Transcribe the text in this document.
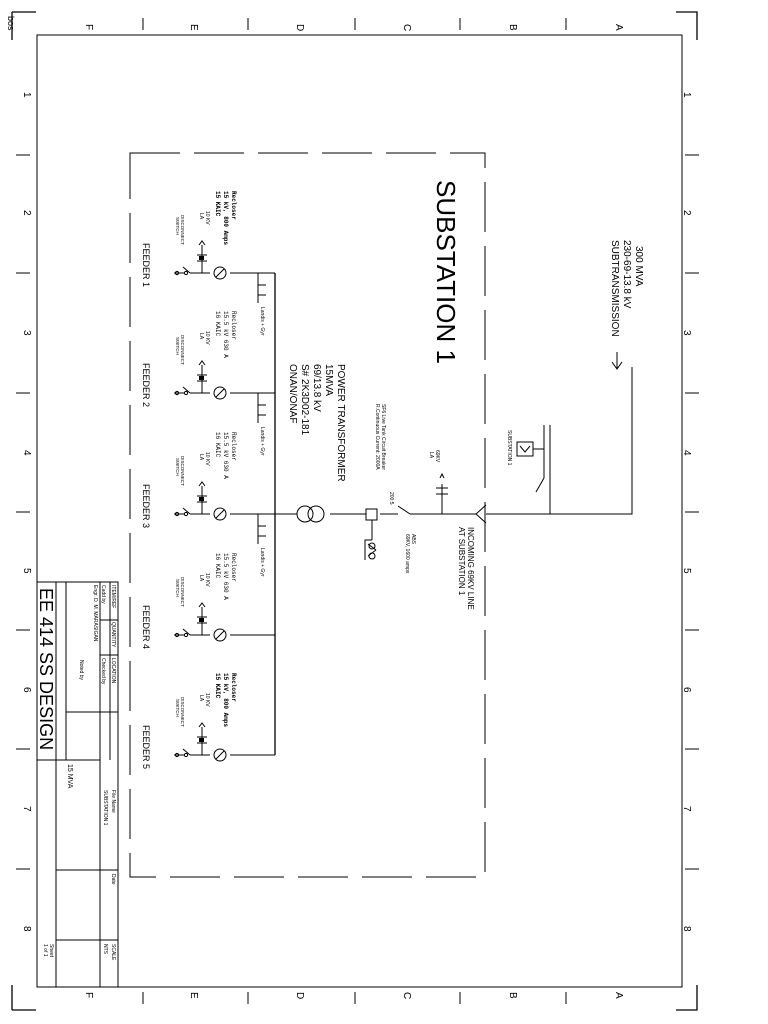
F	E	D	C	B	A
F	E	D	C	B	A
1
2
3
4
5
6
7
8
1
2
3
4
5
6
7
8
bos
SUBSTATION 1	300 MVA
230-69-13.8 kV
SUBTRANSMISSION
SUBSTATION 1
INCOMING 69KV LINE
AT SUBSTATION 1
69KV
LA
ABS
69KV, 1600 amps
SF6 Live Tank Circuit Breaker
R.Continuous Current: 2000A
200:5
POWER TRANSFORMER
15MVA
69/13.8 kV
S# 2K3D02-181
ONAN/ONAF
Landis + Gyr
FEEDER 1
Recloser
15 kV, 800 Amps
15 KAIC
10 KV
LA
DISCONNECT
SWITCH
Landis + Gyr
FEEDER 2
Recloser
15.5 kV 630 A
16 KAIC
10 KV
LA
DISCONNECT
SWITCH
Landis + Gyr
FEEDER 3
Recloser
15.5 kV 630 A
16 KAIC
10 KV
LA
DISCONNECT
SWITCH
FEEDER 4
Recloser
15.5 kV 630 A
16 KAIC
10 KV
LA
DISCONNECT
SWITCH
FEEDER 5
Recloser
15 kV, 800 Amps
15 KAIC
10 KV
LA
DISCONNECT
SWITCH
EE 414 SS DESIGN	ITEM/REF
QUANTITY
LOCATION
Cadd by
Engr. D. M. MARASIGAN
Checked by
Noted by
15 MVA
File Name
SUBSTATION 1
Date
SCALE
NTS
Sheet
1 of 1
